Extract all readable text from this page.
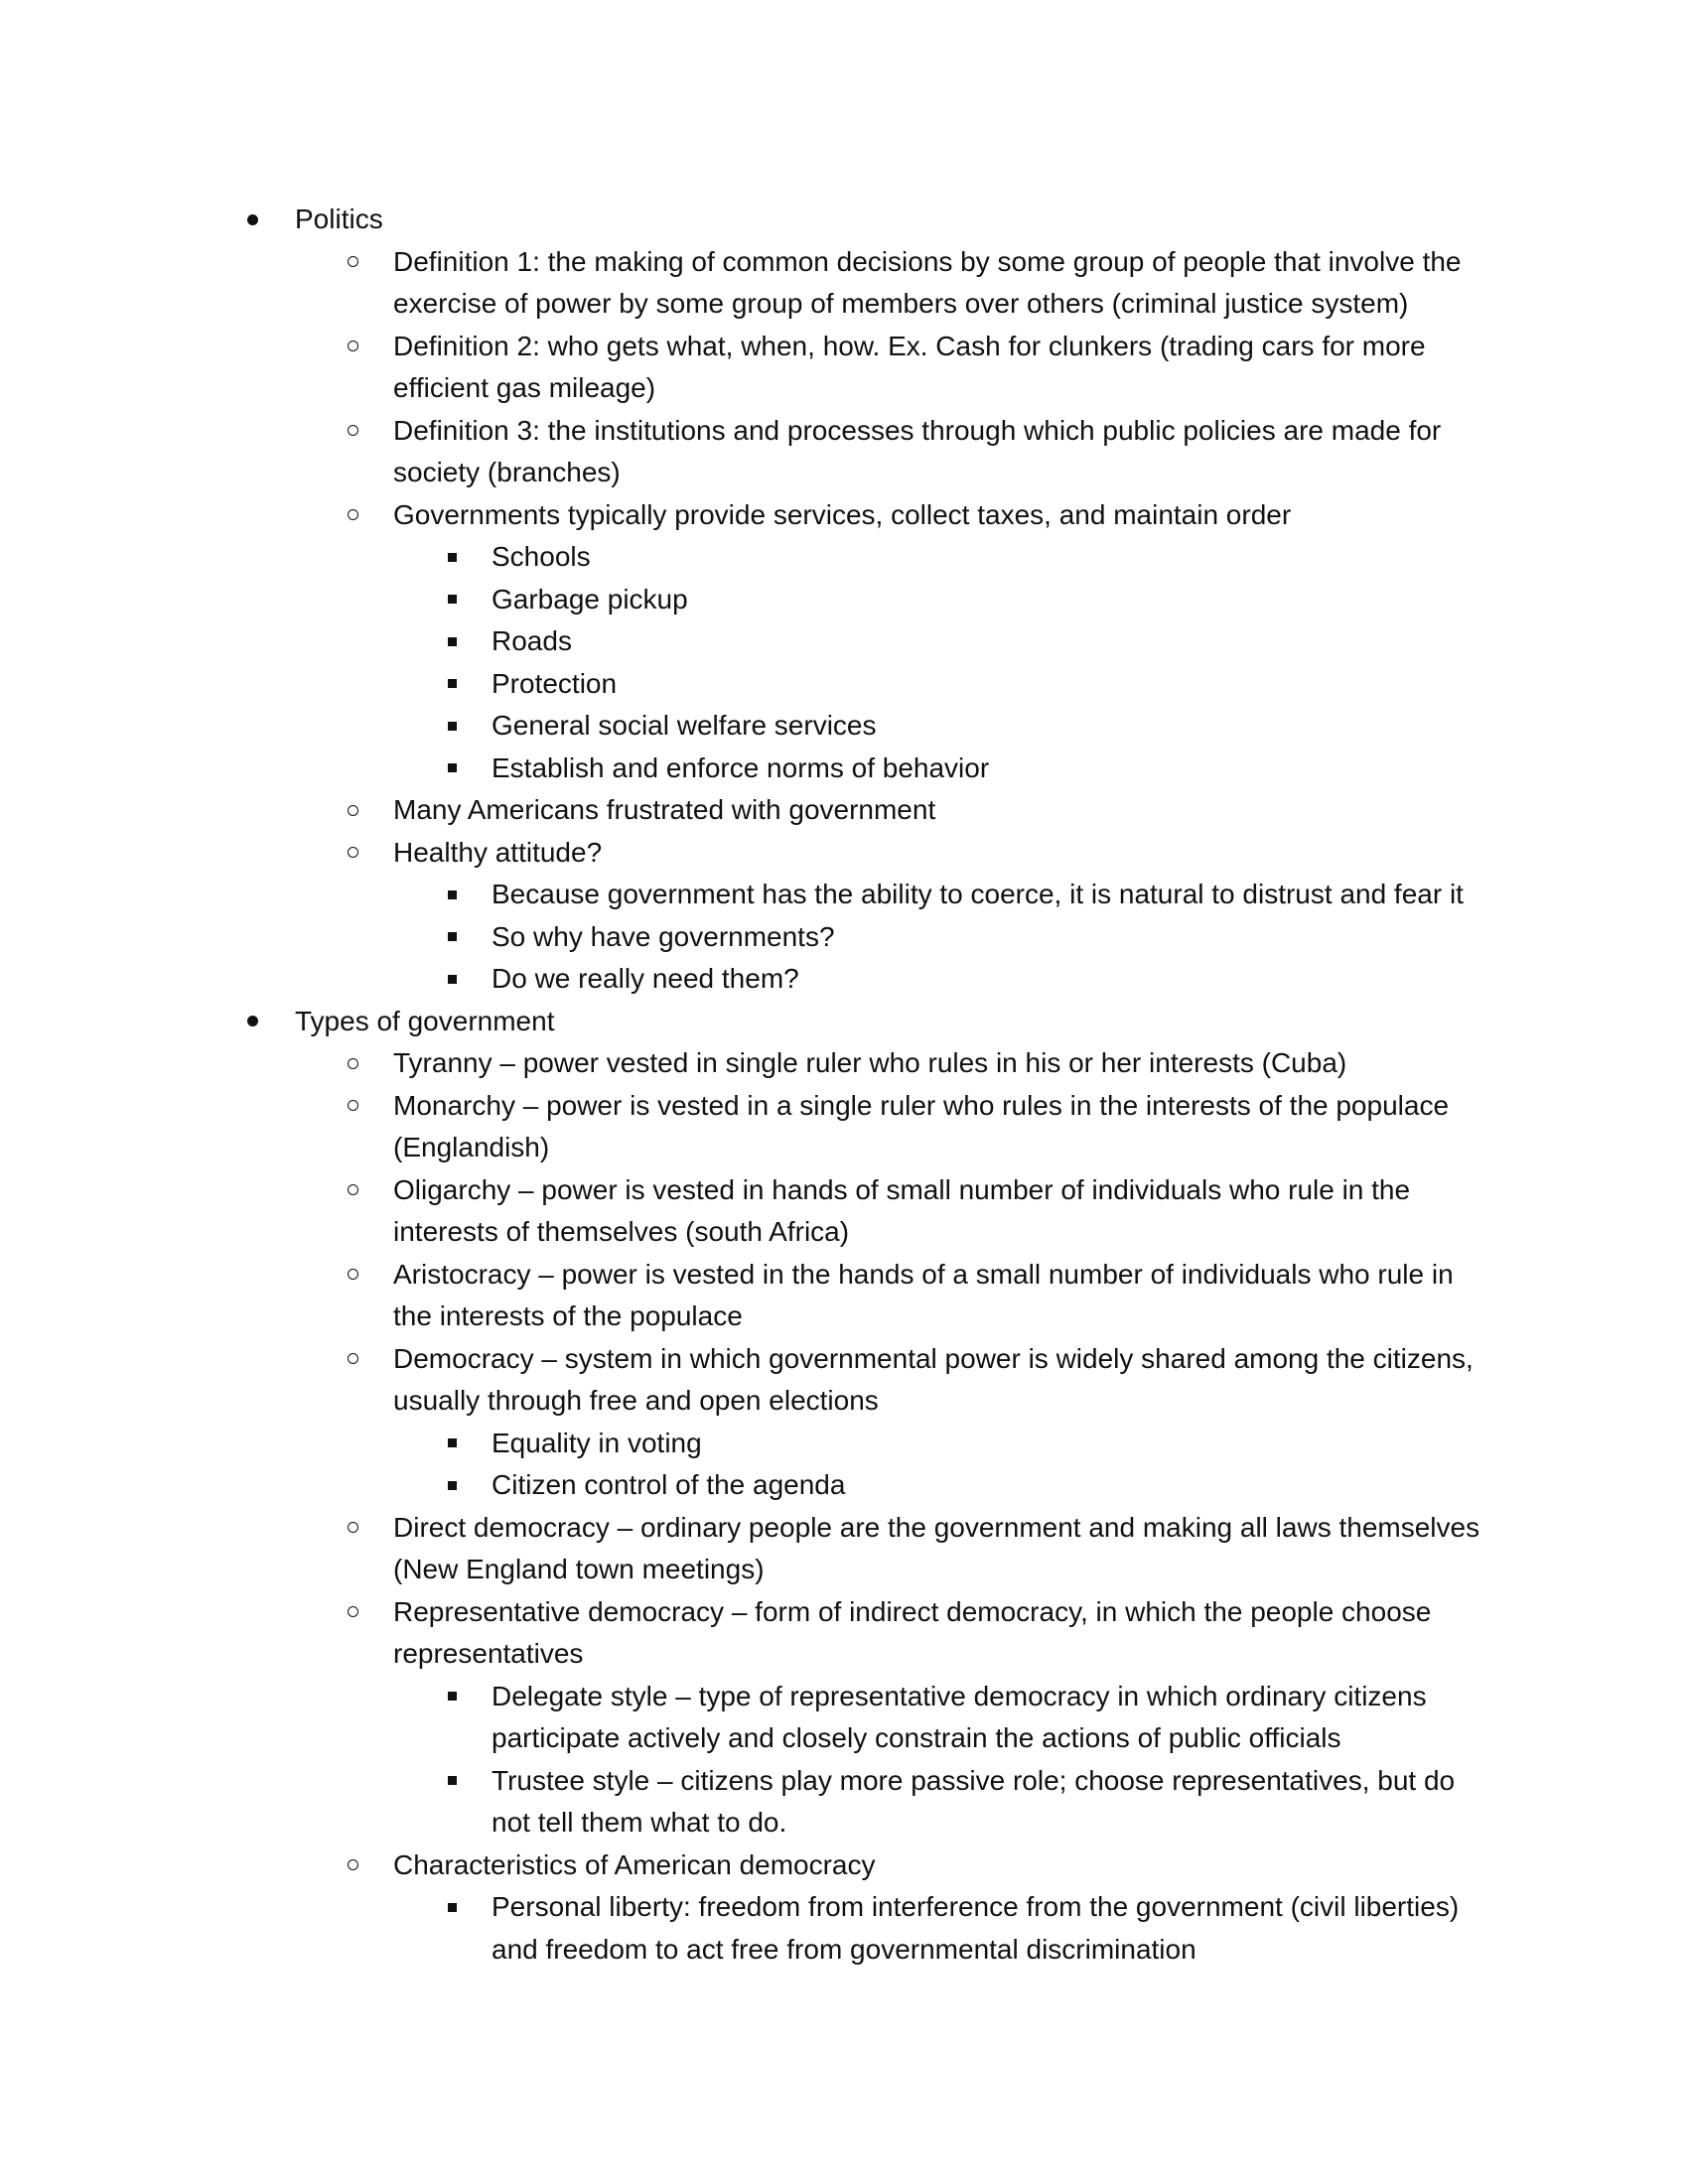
Politics
Definition 1: the making of common decisions by some group of people that involve the exercise of power by some group of members over others (criminal justice system)
Definition 2: who gets what, when, how. Ex. Cash for clunkers (trading cars for more efficient gas mileage)
Definition 3: the institutions and processes through which public policies are made for society (branches)
Governments typically provide services, collect taxes, and maintain order
Schools
Garbage pickup
Roads
Protection
General social welfare services
Establish and enforce norms of behavior
Many Americans frustrated with government
Healthy attitude?
Because government has the ability to coerce, it is natural to distrust and fear it
So why have governments?
Do we really need them?
Types of government
Tyranny – power vested in single ruler who rules in his or her interests (Cuba)
Monarchy – power is vested in a single ruler who rules in the interests of the populace (Englandish)
Oligarchy – power is vested in hands of small number of individuals who rule in the interests of themselves (south Africa)
Aristocracy – power is vested in the hands of a small number of individuals who rule in the interests of the populace
Democracy – system in which governmental power is widely shared among the citizens, usually through free and open elections
Equality in voting
Citizen control of the agenda
Direct democracy – ordinary people are the government and making all laws themselves (New England town meetings)
Representative democracy – form of indirect democracy, in which the people choose representatives
Delegate style – type of representative democracy in which ordinary citizens participate actively and closely constrain the actions of public officials
Trustee style – citizens play more passive role; choose representatives, but do not tell them what to do.
Characteristics of American democracy
Personal liberty: freedom from interference from the government (civil liberties) and freedom to act free from governmental discrimination
